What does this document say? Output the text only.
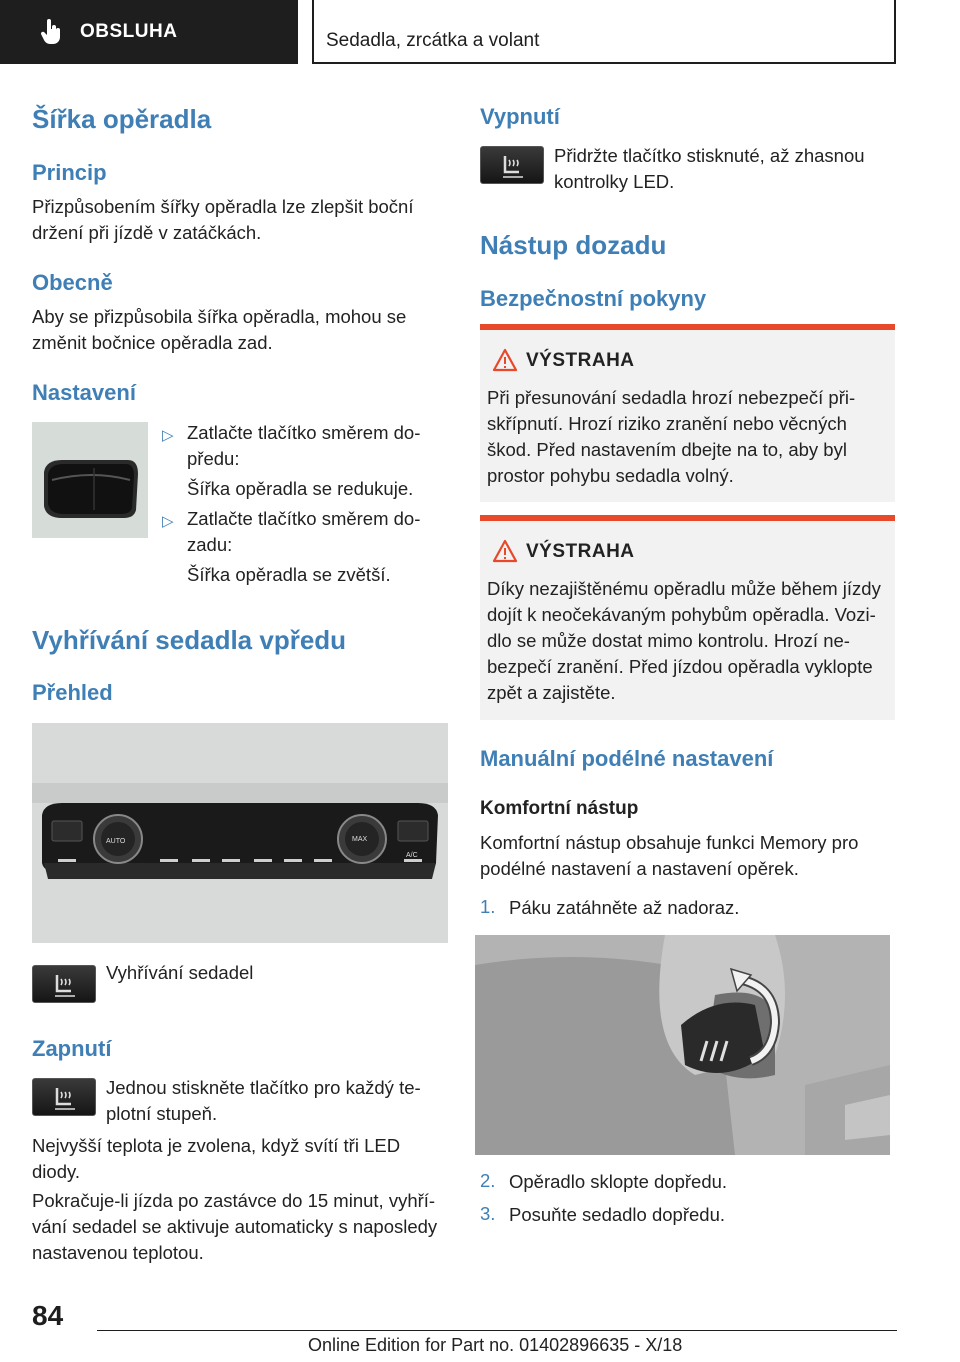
OBSLUHA	Sedadla, zrcátka a volant
Šířka opěradla
Princip
Přizpůsobením šířky opěradla lze zlepšit boční
držení při jízdě v zatáčkách.
Obecně
Aby se přizpůsobila šířka opěradla, mohou se
změnit bočnice opěradla zad.
Nastavení
▷ Zatlačte tlačítko směrem do-
předu:
Šířka opěradla se redukuje.
▷ Zatlačte tlačítko směrem do-
zadu:
Šířka opěradla se zvětší.
Vyhřívání sedadla vpředu
Přehled
AUTO	MAX
A/C
Vyhřívání sedadel
Zapnutí
Jednou stiskněte tlačítko pro každý te-
plotní stupeň.
Nejvyšší teplota je zvolena, když svítí tři LED
diody.
Pokračuje-li jízda po zastávce do 15 minut, vyhří-
vání sedadel se aktivuje automaticky s naposledy
nastavenou teplotou.
Vypnutí
Přidržte tlačítko stisknuté, až zhasnou
kontrolky LED.
Nástup dozadu
Bezpečnostní pokyny
VÝSTRAHA
Při přesunování sedadla hrozí nebezpečí při-
skřípnutí. Hrozí riziko zranění nebo věcných
škod. Před nastavením dbejte na to, aby byl
prostor pohybu sedadla volný.
VÝSTRAHA
Díky nezajištěnému opěradlu může během jízdy
dojít k neočekávaným pohybům opěradla. Vozi-
dlo se může dostat mimo kontrolu. Hrozí ne-
bezpečí zranění. Před jízdou opěradla vyklopte
zpět a zajistěte.
Manuální podélné nastavení
Komfortní nástup
Komfortní nástup obsahuje funkci Memory pro
podélné nastavení a nastavení opěrek.
1. Páku zatáhněte až nadoraz.
2. Opěradlo sklopte dopředu.
3. Posuňte sedadlo dopředu.
84
Online Edition for Part no. 01402896635 - X/18
